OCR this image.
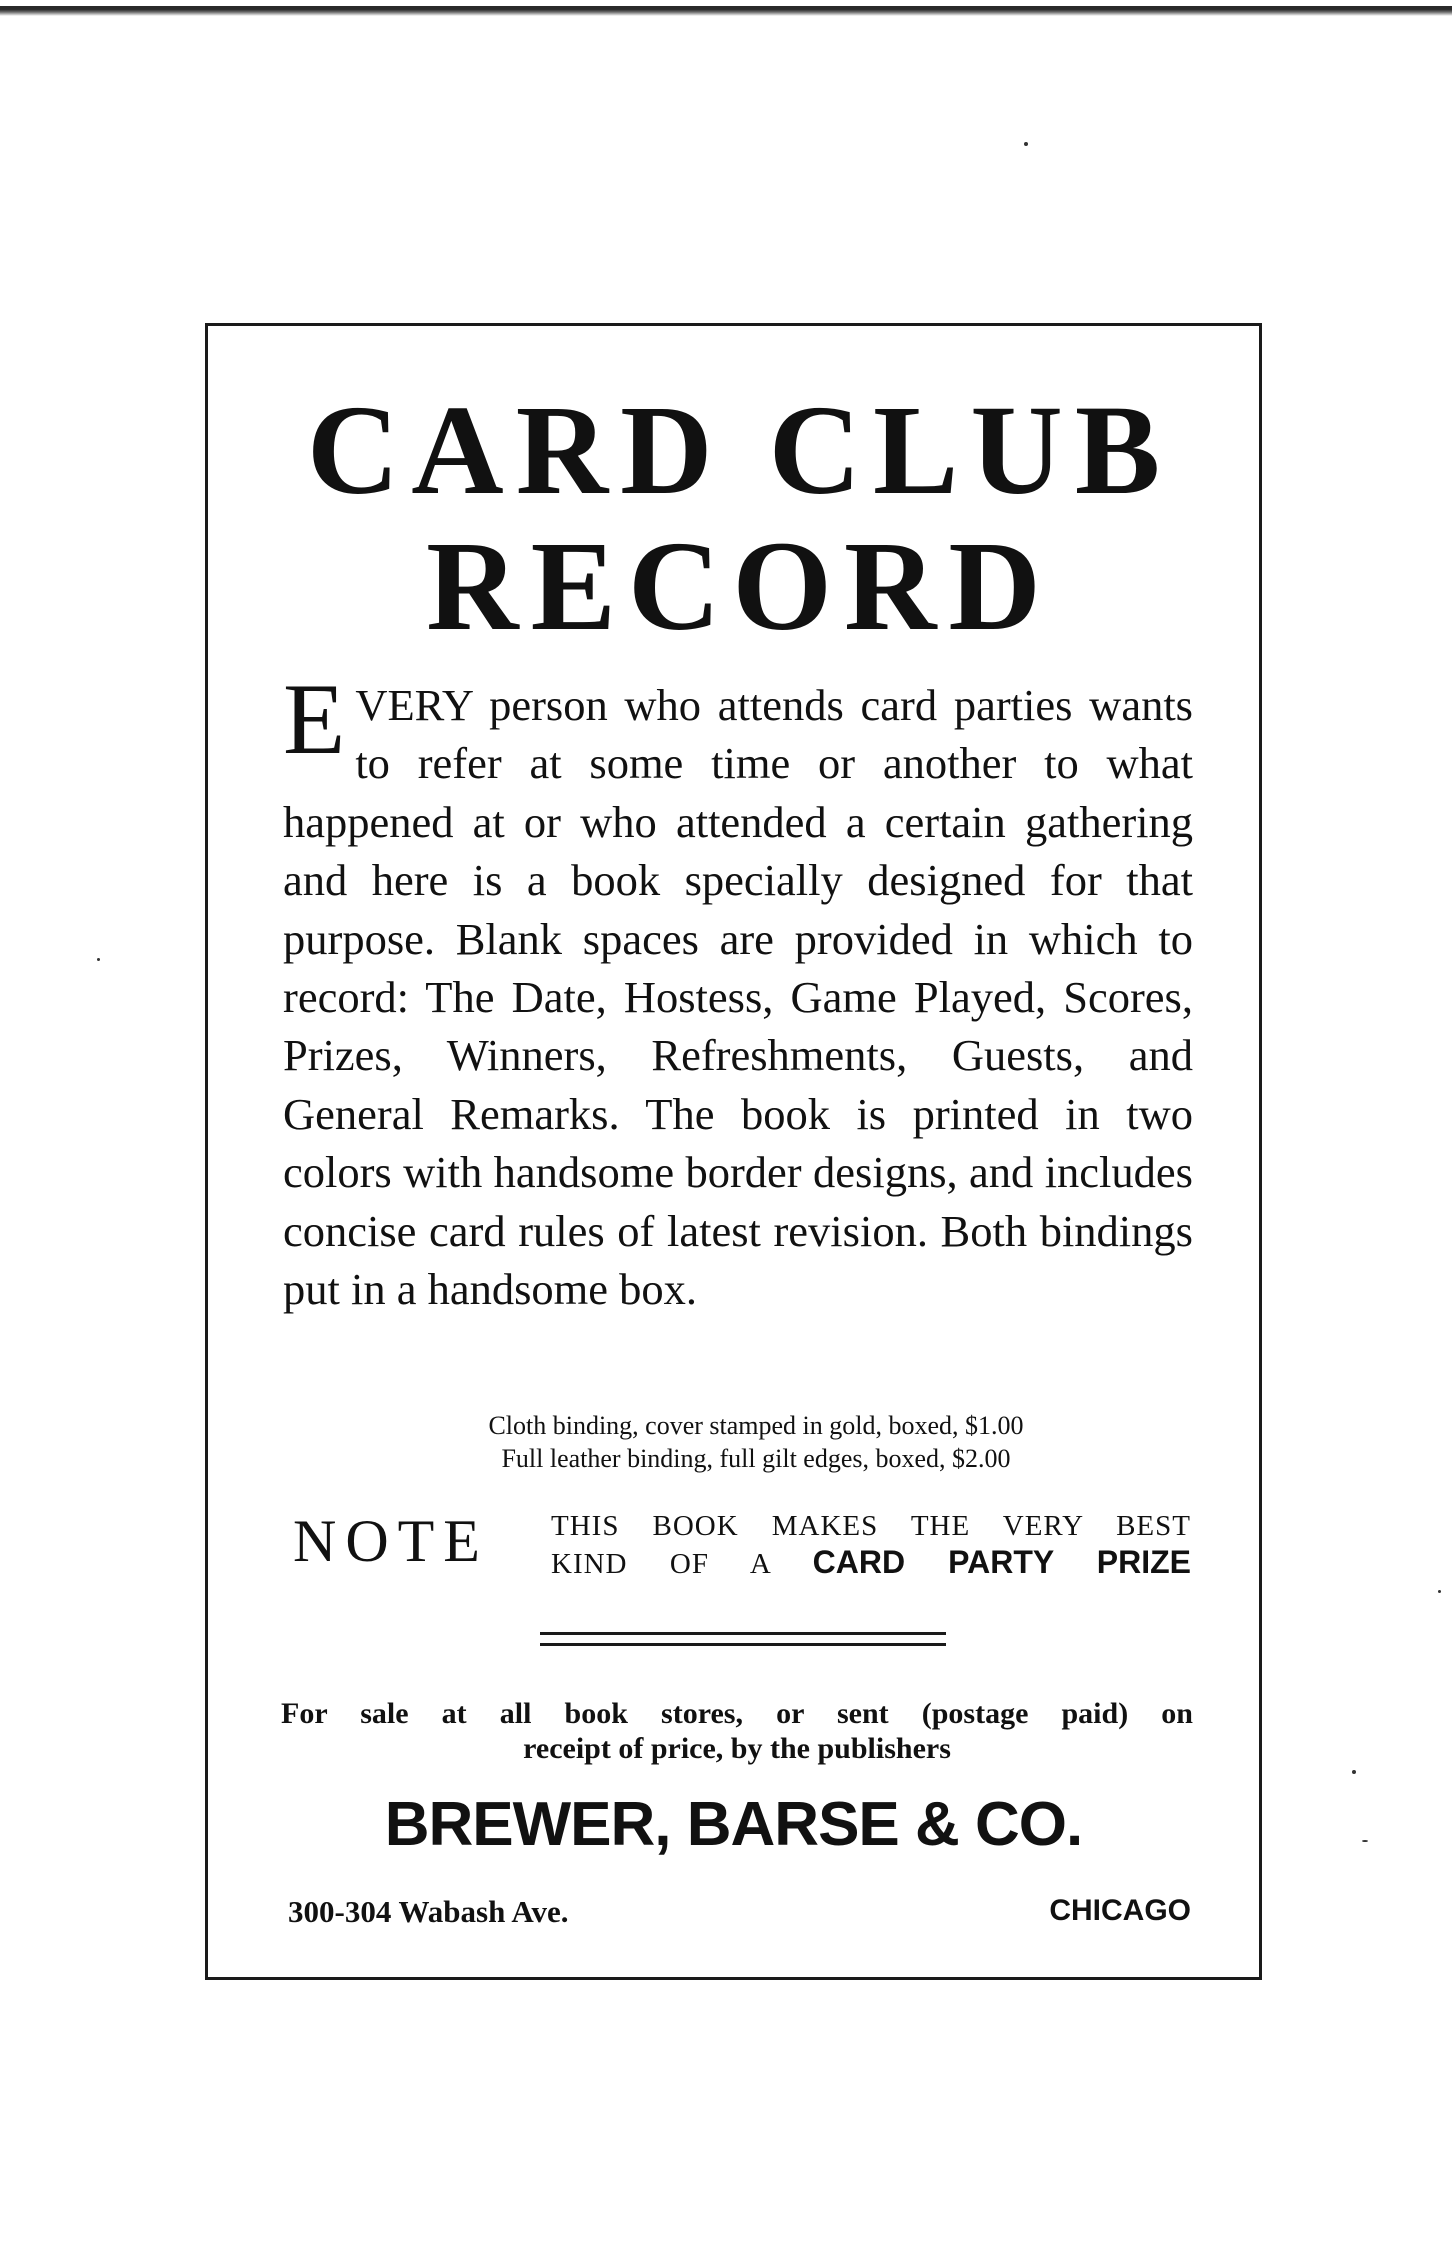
CARD CLUB
RECORD

EVERY person who attends card parties wants to refer at some time or another to what happened at or who attended a certain gathering and here is a book specially designed for that purpose. Blank spaces are provided in which to record: The Date, Hostess, Game Played, Scores, Prizes, Winners, Refreshments, Guests, and General Remarks. The book is printed in two colors with handsome border designs, and includes concise card rules of latest revision. Both bindings put in a handsome box.

Cloth binding, cover stamped in gold, boxed, $1.00
Full leather binding, full gilt edges, boxed, $2.00
NOTE THIS BOOK MAKES THE VERY BEST
KIND OF A CARD PARTY PRIZE
For sale at all book stores, or sent (postage paid) on
receipt of price, by the publishers
BREWER, BARSE & CO.
300-304 Wabash Ave.	CHICAGO
